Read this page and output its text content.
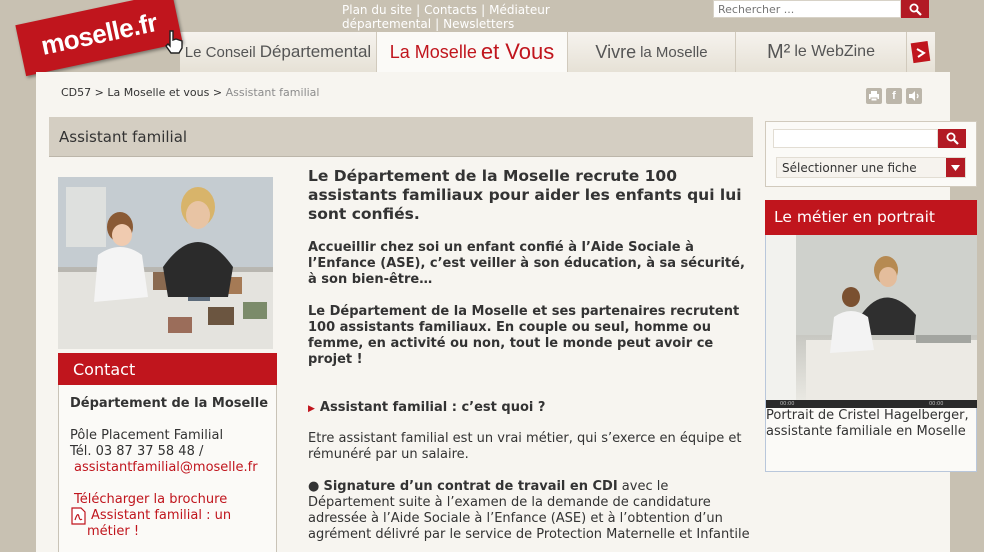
Plan du site | Contacts | Médiateur
départemental | Newsletters
Rechercher ...
Le Conseil Départemental La Moselle et Vous Vivre la Moselle	M² le WebZine
moselle.fr
CD57 > La Moselle et vous > Assistant familial	f
Assistant familial
Contact
Département de la Moselle
Pôle Placement Familial
Tél. 03 87 37 58 48 /
assistantfamilial@moselle.fr
Télécharger la brochure
Assistant familial : un
métier !
Le Département de la Moselle recrute 100 assistants familiaux pour aider les enfants qui lui sont confiés.

Accueillir chez soi un enfant confié à l’Aide Sociale à l’Enfance (ASE), c’est veiller à son éducation, à sa sécurité, à son bien-être…

Le Département de la Moselle et ses partenaires recrutent 100 assistants familiaux. En couple ou seul, homme ou femme, en activité ou non, tout le monde peut avoir ce projet !

▶ Assistant familial : c’est quoi ?

Etre assistant familial est un vrai métier, qui s’exerce en équipe et rémunéré par un salaire.

● Signature d’un contrat de travail en CDI avec le Département suite à l’examen de la demande de candidature adressée à l’Aide Sociale à l’Enfance (ASE) et à l’obtention d’un agrément délivré par le service de Protection Maternelle et Infantile

Sélectionner une fiche
Le métier en portrait
00:00	00:00
Portrait de Cristel Hagelberger, assistante familiale en Moselle
